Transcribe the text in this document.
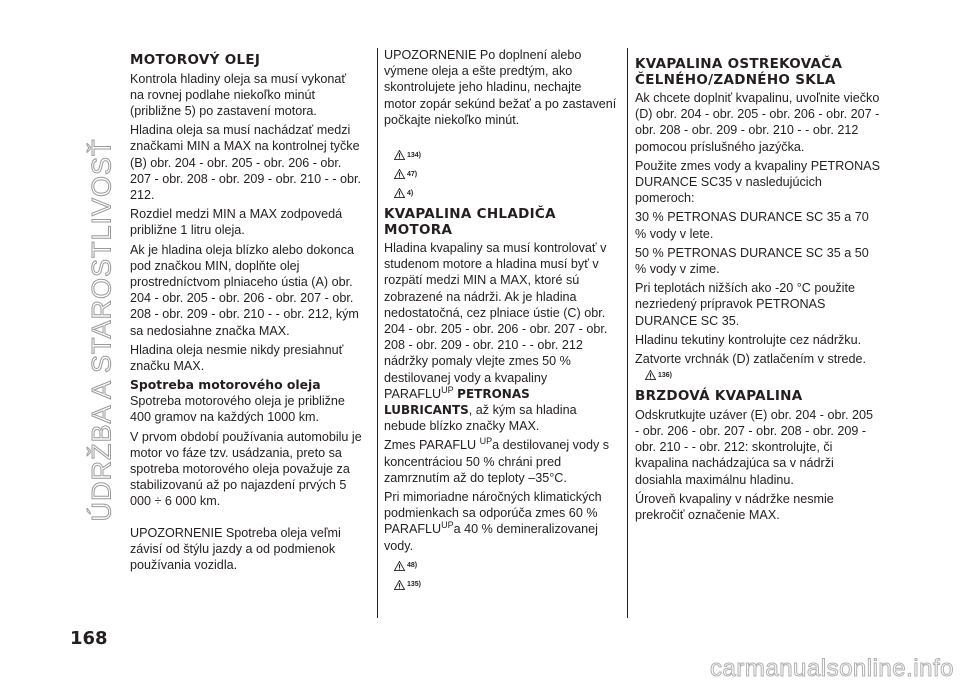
ÚDRŽBA A STAROSTLIVOSŤ
MOTOROVÝ OLEJ

Kontrola hladiny oleja sa musí vykonať na rovnej podlahe niekoľko minút (približne 5) po zastavení motora.

Hladina oleja sa musí nachádzať medzi značkami MIN a MAX na kontrolnej tyčke (B) obr. 204 - obr. 205 - obr. 206 - obr. 207 - obr. 208 - obr. 209 - obr. 210 - - obr. 212.

Rozdiel medzi MIN a MAX zodpovedá približne 1 litru oleja.

Ak je hladina oleja blízko alebo dokonca pod značkou MIN, doplňte olej prostredníctvom plniaceho ústia (A) obr. 204 - obr. 205 - obr. 206 - obr. 207 - obr. 208 - obr. 209 - obr. 210 - - obr. 212, kým sa nedosiahne značka MAX.

Hladina oleja nesmie nikdy presiahnuť značku MAX.

Spotreba motorového oleja

Spotreba motorového oleja je približne 400 gramov na každých 1000 km.

V prvom období používania automobilu je motor vo fáze tzv. usádzania, preto sa spotreba motorového oleja považuje za stabilizovanú až po najazdení prvých 5 000 ÷ 6 000 km.

UPOZORNENIE Spotreba oleja veľmi závisí od štýlu jazdy a od podmienok používania vozidla.

UPOZORNENIE Po doplnení alebo výmene oleja a ešte predtým, ako skontrolujete jeho hladinu, nechajte motor zopár sekúnd bežať a po zastavení počkajte niekoľko minút.

134)
47)
4)
KVAPALINA CHLADIČA MOTORA

Hladina kvapaliny sa musí kontrolovať v studenom motore a hladina musí byť v rozpätí medzi MIN a MAX, ktoré sú zobrazené na nádrži. Ak je hladina nedostatočná, cez plniace ústie (C) obr. 204 - obr. 205 - obr. 206 - obr. 207 - obr. 208 - obr. 209 - obr. 210 - - obr. 212 nádržky pomaly vlejte zmes 50 % destilovanej vody a kvapaliny $PARAFLU^{UP}$ PETRONAS LUBRICANTS, až kým sa hladina nebude blízko značky MAX.

Zmes PARAFLU $^{UP}$a destilovanej vody s koncentráciou 50 % chráni pred zamrznutím až do teploty –35°C.

Pri mimoriadne náročných klimatických podmienkach sa odporúča zmes 60 % $PARAFLU^{UP}a$ 40 % demineralizovanej vody.

48)
135)
KVAPALINA OSTREKOVAČA ČELNÉHO/ZADNÉHO SKLA

Ak chcete doplniť kvapalinu, uvoľnite viečko (D) obr. 204 - obr. 205 - obr. 206 - obr. 207 - obr. 208 - obr. 209 - obr. 210 - - obr. 212 pomocou príslušného jazýčka.

Použite zmes vody a kvapaliny PETRONAS DURANCE SC35 v nasledujúcich pomeroch:

30 % PETRONAS DURANCE SC 35 a 70 % vody v lete.

50 % PETRONAS DURANCE SC 35 a 50 % vody v zime.

Pri teplotách nižších ako -20 °C použite nezriedený prípravok PETRONAS DURANCE SC 35.

Hladinu tekutiny kontrolujte cez nádržku.

Zatvorte vrchnák (D) zatlačením v strede.

136)
BRZDOVÁ KVAPALINA

Odskrutkujte uzáver (E) obr. 204 - obr. 205 - obr. 206 - obr. 207 - obr. 208 - obr. 209 - obr. 210 - - obr. 212: skontrolujte, či kvapalina nachádzajúca sa v nádrži dosiahla maximálnu hladinu.

Úroveň kvapaliny v nádržke nesmie prekročiť označenie MAX.

168
carmanualsonline.info
